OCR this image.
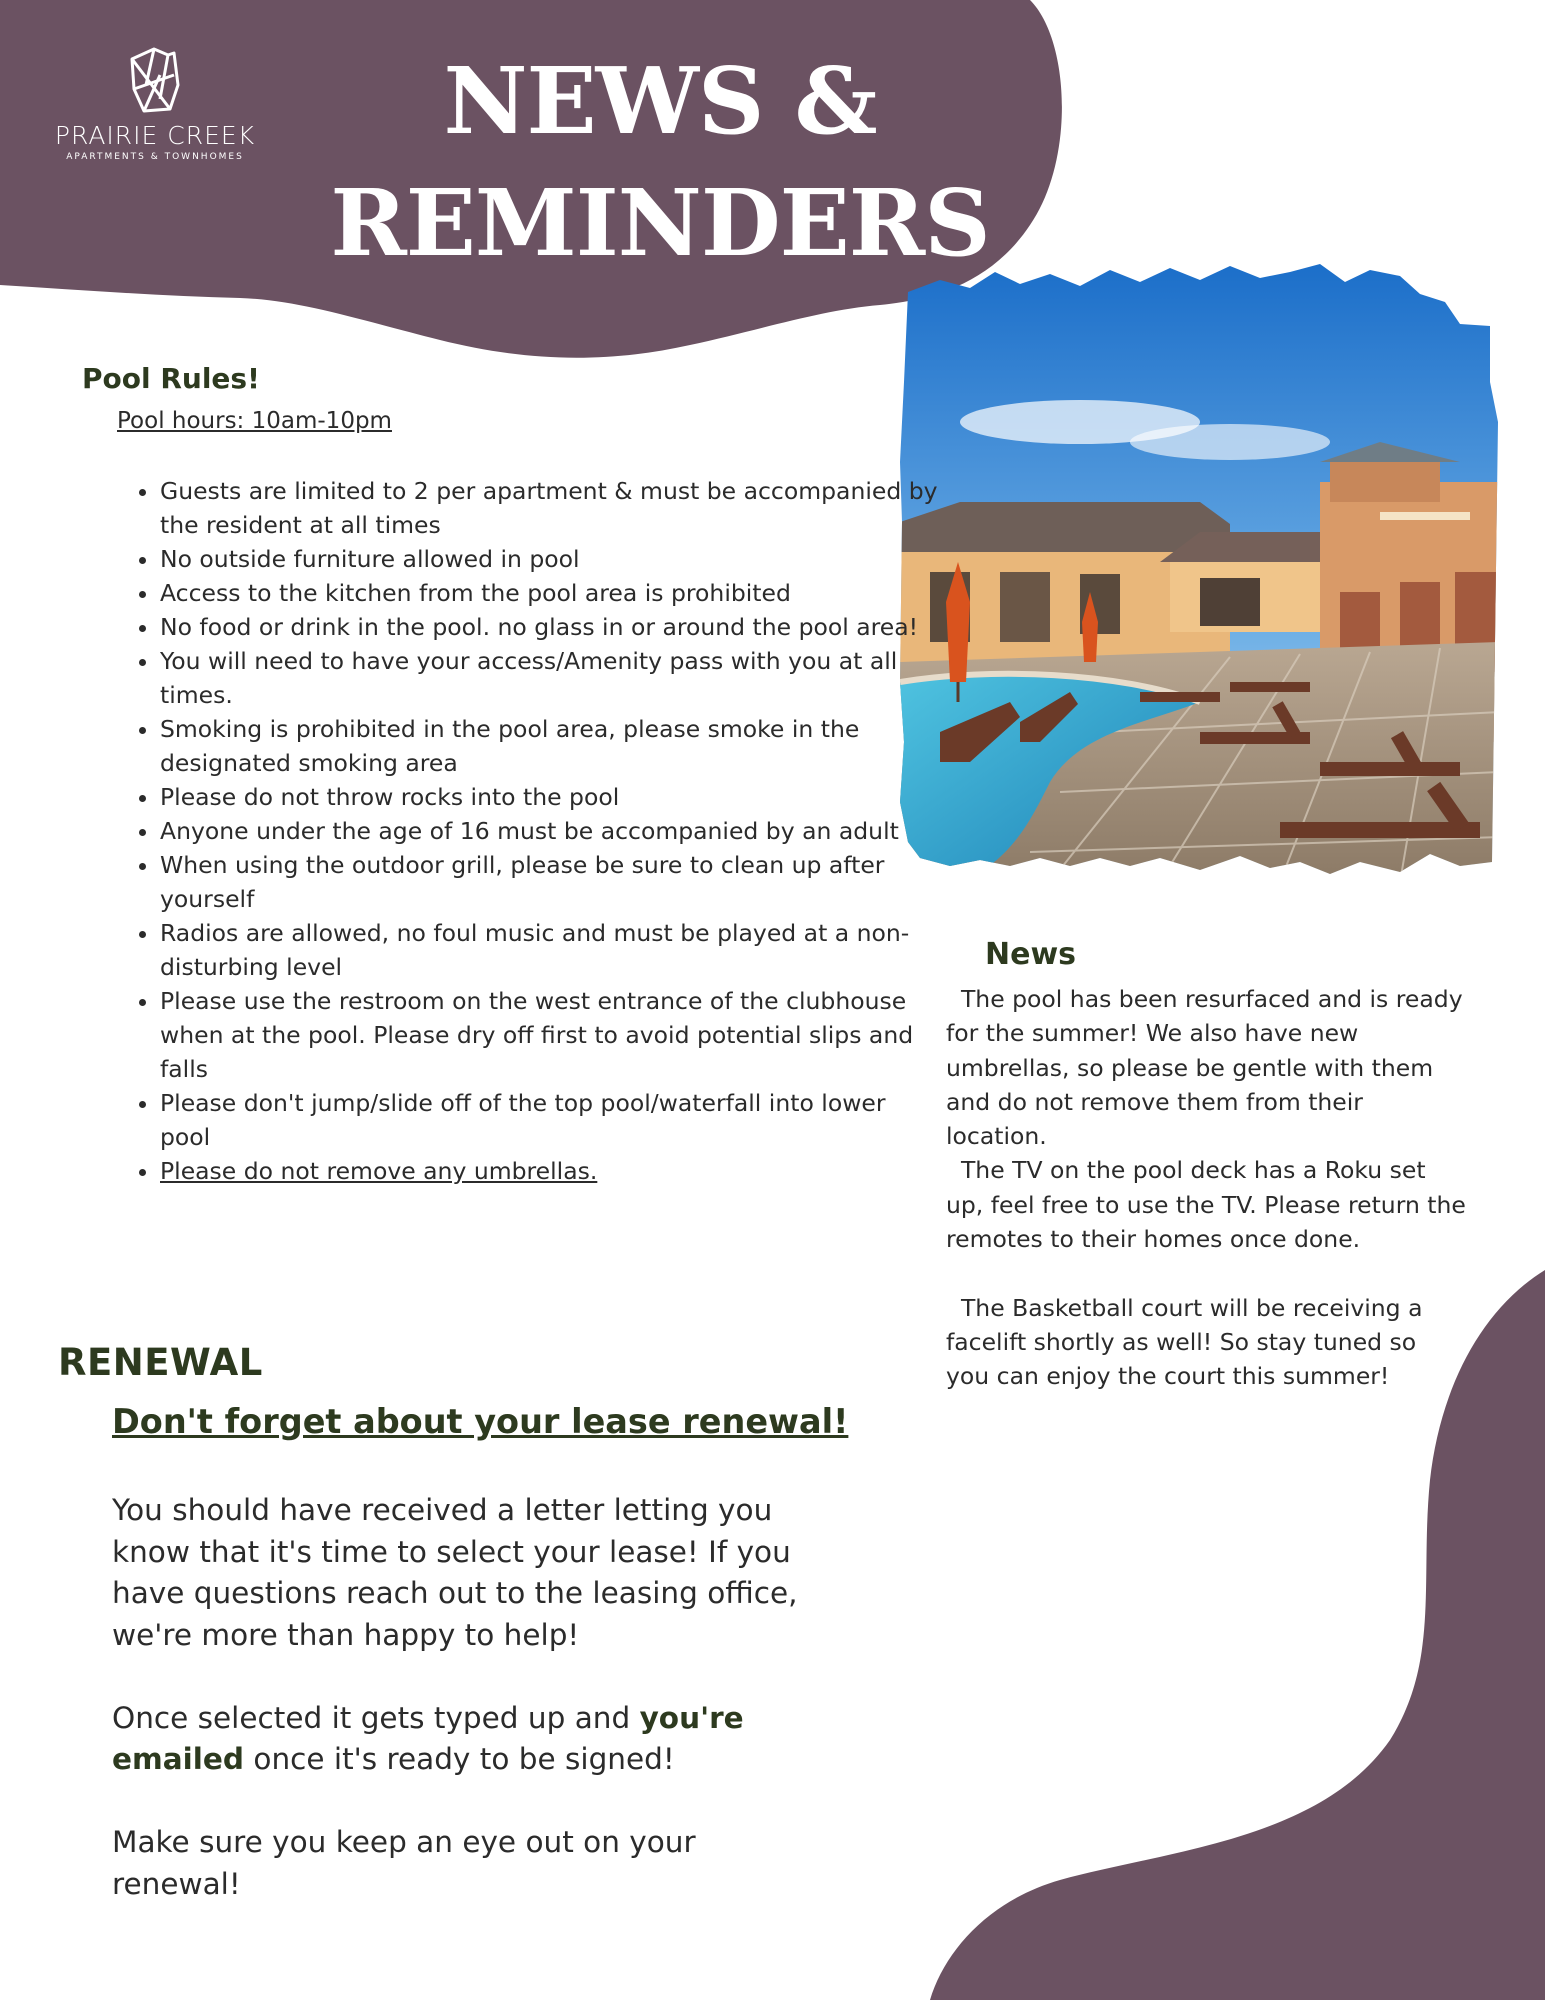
PRAIRIE CREEK
APARTMENTS & TOWNHOMES
NEWS &
REMINDERS
Pool Rules!
Pool hours: 10am-10pm
• Guests are limited to 2 per apartment & must be accompanied by the resident at all times
• No outside furniture allowed in pool
• Access to the kitchen from the pool area is prohibited
• No food or drink in the pool. no glass in or around the pool area!
• You will need to have your access/Amenity pass with you at all times.
• Smoking is prohibited in the pool area, please smoke in the designated smoking area
• Please do not throw rocks into the pool
• Anyone under the age of 16 must be accompanied by an adult
• When using the outdoor grill, please be sure to clean up after yourself
• Radios are allowed, no foul music and must be played at a non-disturbing level
• Please use the restroom on the west entrance of the clubhouse when at the pool. Please dry off first to avoid potential slips and falls
• Please don't jump/slide off of the top pool/waterfall into lower pool
• Please do not remove any umbrellas.
News
The pool has been resurfaced and is ready for the summer! We also have new umbrellas, so please be gentle with them and do not remove them from their location.
The TV on the pool deck has a Roku set up, feel free to use the TV. Please return the remotes to their homes once done.

The Basketball court will be receiving a facelift shortly as well! So stay tuned so you can enjoy the court this summer!
RENEWAL
Don't forget about your lease renewal!

You should have received a letter letting you know that it's time to select your lease! If you have questions reach out to the leasing office, we're more than happy to help!

Once selected it gets typed up and you're emailed once it's ready to be signed!

Make sure you keep an eye out on your renewal!
